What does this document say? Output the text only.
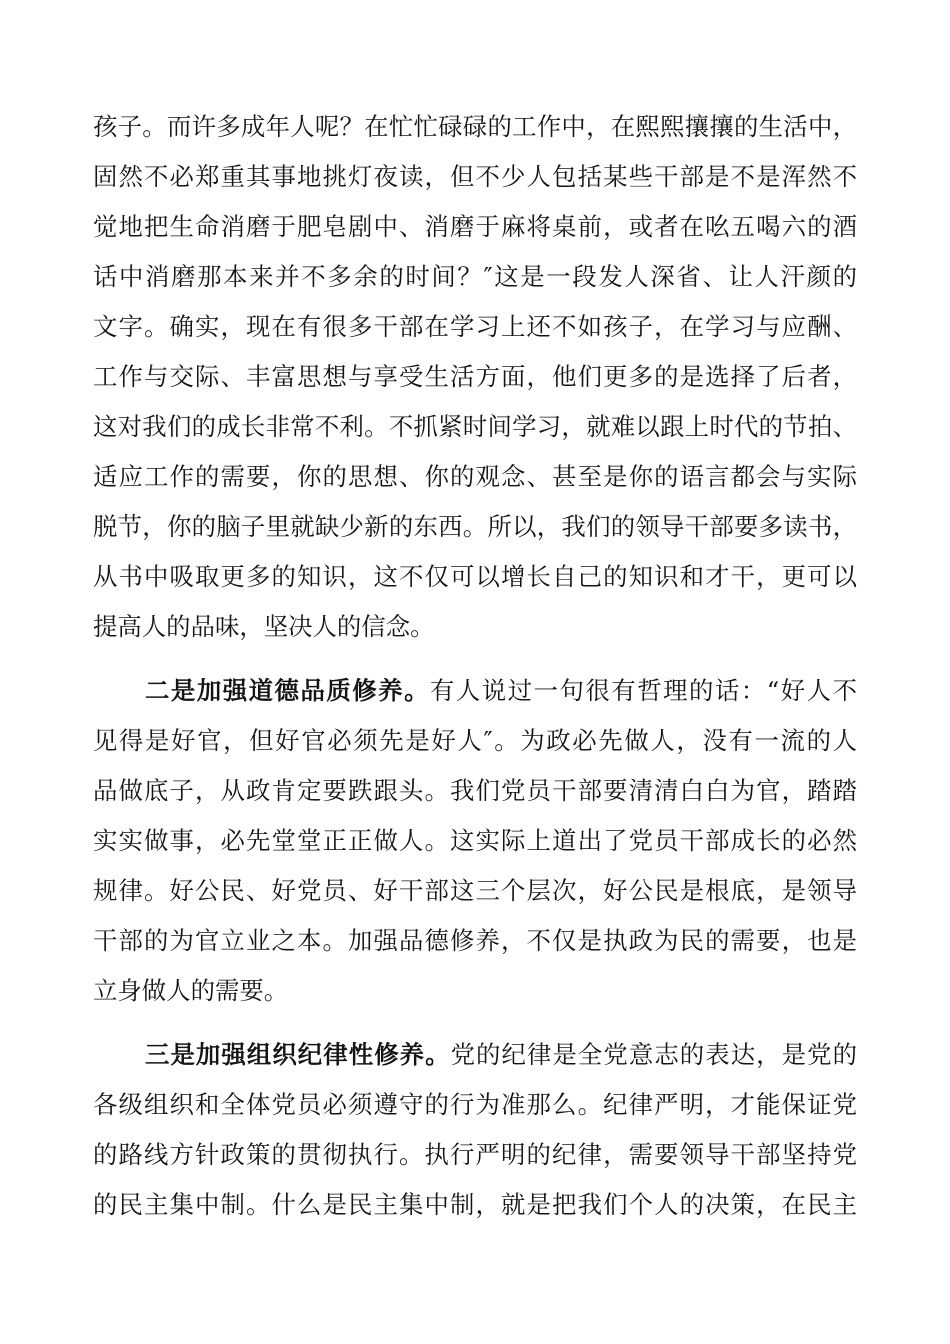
孩子。而许多成年人呢？在忙忙碌碌的工作中，在熙熙攘攘的生活中，
固然不必郑重其事地挑灯夜读，但不少人包括某些干部是不是浑然不
觉地把生命消磨于肥皂剧中、消磨于麻将桌前，或者在吆五喝六的酒
话中消磨那本来并不多余的时间？″这是一段发人深省、让人汗颜的
文字。确实，现在有很多干部在学习上还不如孩子，在学习与应酬、
工作与交际、丰富思想与享受生活方面，他们更多的是选择了后者，
这对我们的成长非常不利。不抓紧时间学习，就难以跟上时代的节拍、
适应工作的需要，你的思想、你的观念、甚至是你的语言都会与实际
脱节，你的脑子里就缺少新的东西。所以，我们的领导干部要多读书，
从书中吸取更多的知识，这不仅可以增长自己的知识和才干，更可以
提高人的品味，坚决人的信念。

二是加强道德品质修养。有人说过一句很有哲理的话：“好人不
见得是好官，但好官必须先是好人″。为政必先做人，没有一流的人
品做底子，从政肯定要跌跟头。我们党员干部要清清白白为官，踏踏
实实做事，必先堂堂正正做人。这实际上道出了党员干部成长的必然
规律。好公民、好党员、好干部这三个层次，好公民是根底，是领导
干部的为官立业之本。加强品德修养，不仅是执政为民的需要，也是
立身做人的需要。

三是加强组织纪律性修养。党的纪律是全党意志的表达，是党的
各级组织和全体党员必须遵守的行为准那么。纪律严明，才能保证党
的路线方针政策的贯彻执行。执行严明的纪律，需要领导干部坚持党
的民主集中制。什么是民主集中制，就是把我们个人的决策，在民主
